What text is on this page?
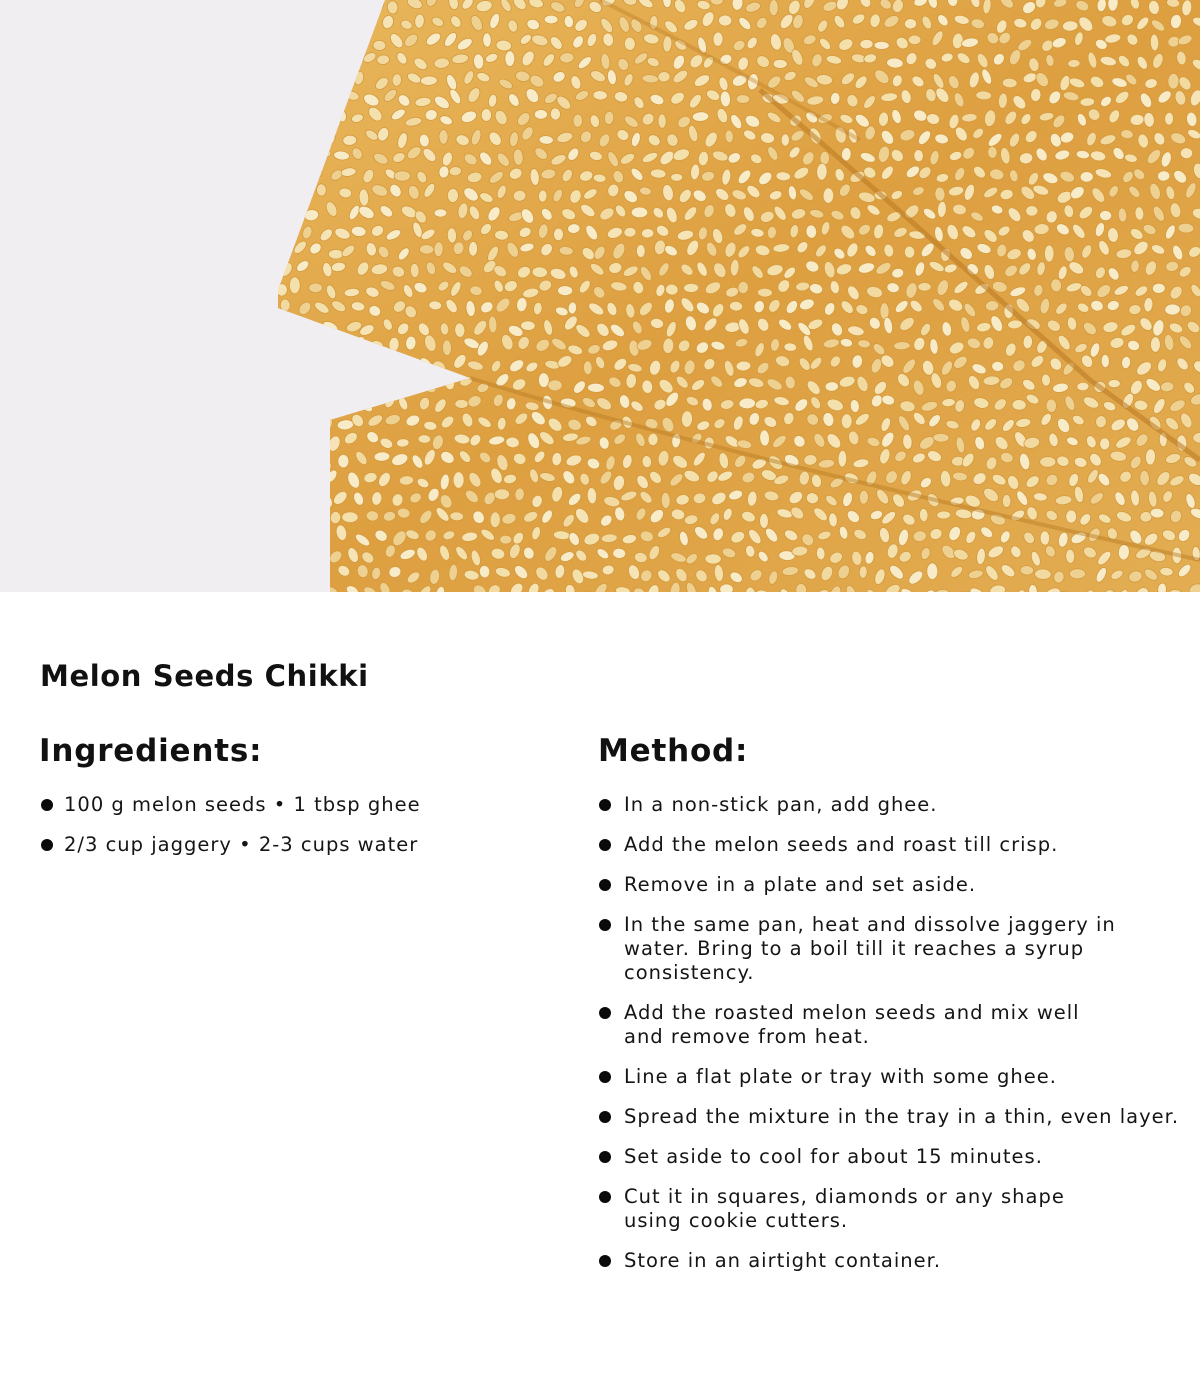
Melon Seeds Chikki
Ingredients:
100 g melon seeds • 1 tbsp ghee
2/3 cup jaggery • 2-3 cups water
Method:
In a non-stick pan, add ghee.
Add the melon seeds and roast till crisp.
Remove in a plate and set aside.
In the same pan, heat and dissolve jaggery in
water. Bring to a boil till it reaches a syrup
consistency.
Add the roasted melon seeds and mix well
and remove from heat.
Line a flat plate or tray with some ghee.
Spread the mixture in the tray in a thin, even layer.
Set aside to cool for about 15 minutes.
Cut it in squares, diamonds or any shape
using cookie cutters.
Store in an airtight container.
